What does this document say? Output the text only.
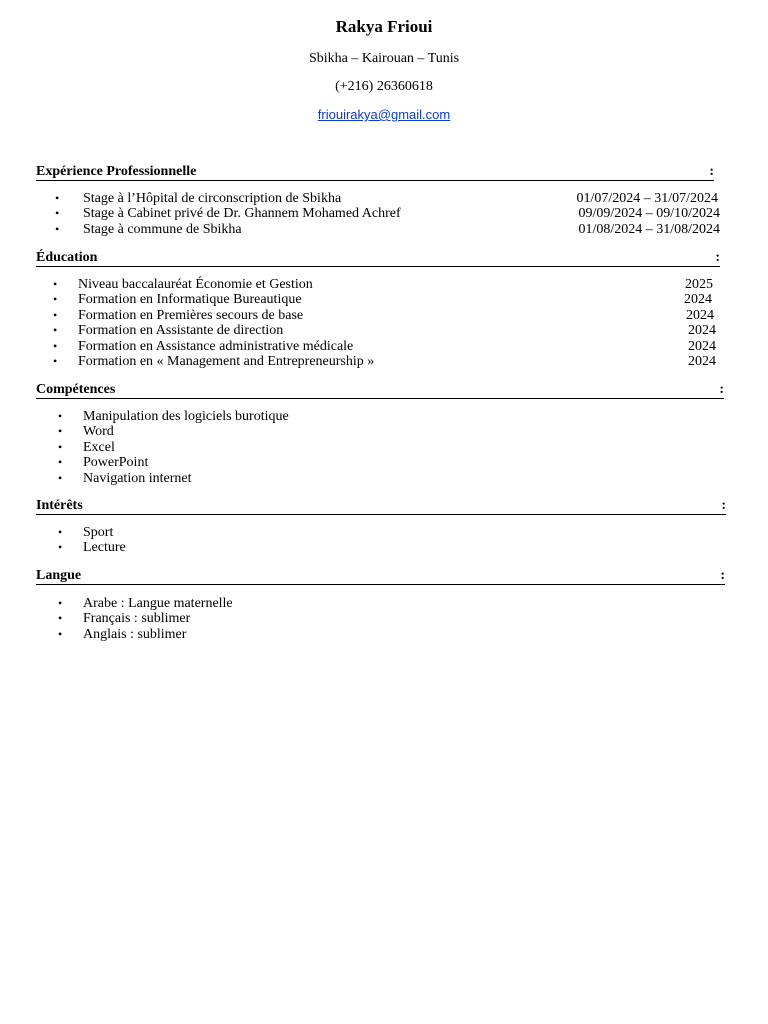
Rakya Frioui
Sbikha – Kairouan – Tunis
(+216) 26360618
friouirakya@gmail.com
Expérience Professionnelle	:
• Stage à l’Hôpital de circonscription de Sbikha	01/07/2024 – 31/07/2024
• Stage à Cabinet privé de Dr. Ghannem Mohamed Achref	09/09/2024 – 09/10/2024
• Stage à commune de Sbikha	01/08/2024 – 31/08/2024
Éducation	:
• Niveau baccalauréat Économie et Gestion	2025
• Formation en Informatique Bureautique	2024
• Formation en Premières secours de base	2024
• Formation en Assistante de direction	2024
• Formation en Assistance administrative médicale	2024
• Formation en « Management and Entrepreneurship »	2024
Compétences	:
• Manipulation des logiciels burotique
• Word
• Excel
• PowerPoint
• Navigation internet
Intérêts	:
• Sport
• Lecture
Langue	:
• Arabe : Langue maternelle
• Français : sublimer
• Anglais : sublimer
